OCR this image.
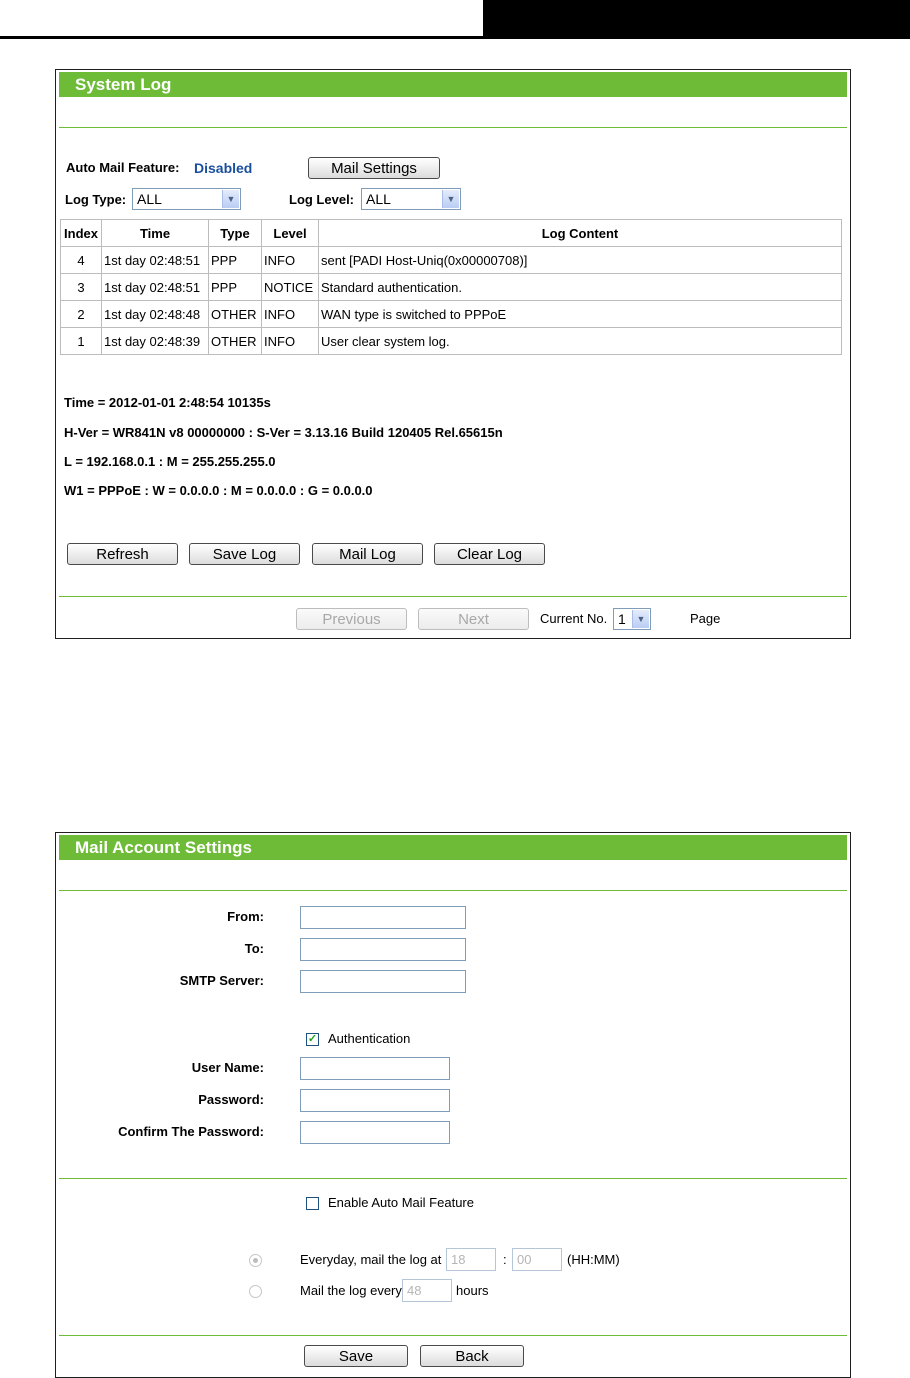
System Log
Auto Mail Feature: Disabled	Mail Settings
Log Type: ALL	▼	Log Level: ALL	▼
Index	Time	Type	Level	Log Content
4	1st day 02:48:51	PPP	INFO	sent [PADI Host-Uniq(0x00000708)]
3	1st day 02:48:51	PPP	NOTICE	Standard authentication.
2	1st day 02:48:48	OTHER	INFO	WAN type is switched to PPPoE
1	1st day 02:48:39	OTHER	INFO	User clear system log.
Time = 2012-01-01 2:48:54 10135s
H-Ver = WR841N v8 00000000 : S-Ver = 3.13.16 Build 120405 Rel.65615n
L = 192.168.0.1 : M = 255.255.255.0
W1 = PPPoE : W = 0.0.0.0 : M = 0.0.0.0 : G = 0.0.0.0
Refresh	Save Log	Mail Log	Clear Log
Previous	Next	Current No. 1	▼	Page
Mail Account Settings
From:
To:
SMTP Server:
✓ Authentication
User Name:
Password:
Confirm The Password:
Enable Auto Mail Feature
Everyday, mail the log at
18	:
00	(HH:MM)
Mail the log every
48	hours
Save	Back
